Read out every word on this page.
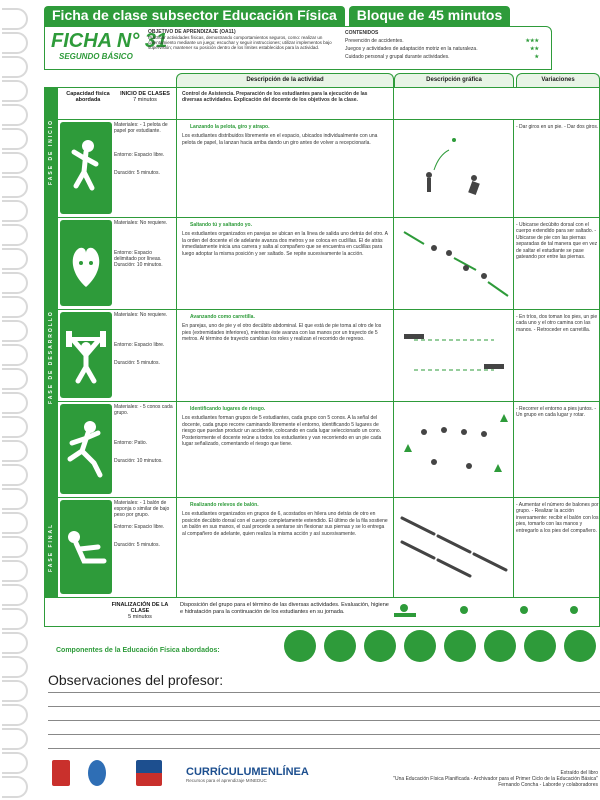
Ficha de clase subsector Educación Física	Bloque de 45 minutos
FICHA N° 31
SEGUNDO BÁSICO
OBJETIVO DE APRENDIZAJE (OA11)
Practicar actividades físicas, demostrando comportamientos seguros, como: realizar un calentamiento mediante un juego; escuchar y seguir instrucciones; utilizar implementos bajo supervisión; mantener su posición dentro de los límites establecidos para la actividad.
CONTENIDOS
Prevención de accidentes.	★★★
Juegos y actividades de adaptación motriz en la naturaleza.	★★
Cuidado personal y grupal durante actividades.	★
Descripción de la actividad	Descripción gráfica	Variaciones
FASE DE INICIO
FASE DE DESARROLLO
FASE FINAL
Capacidad física abordada
INICIO DE CLASES
7 minutos
Control de Asistencia. Preparación de los estudiantes para la ejecución de las diversas actividades. Explicación del docente de los objetivos de la clase.
Materiales: - 1 pelota de papel por estudiante.

Entorno: Espacio libre.

Duración: 5 minutos.
Lanzando la pelota, giro y atrapo.
Los estudiantes distribuidos libremente en el espacio, ubicados individualmente con una pelota de papel, la lanzan hacia arriba dando un giro antes de volver a recepcionarla.
- Dar giros en un pie. - Dar dos giros.
Materiales: No requiere.

Entorno: Espacio delimitado por líneas.
Duración: 10 minutos.
Saltando tú y saltando yo.
Los estudiantes organizados en parejas se ubican en la línea de salida uno detrás del otro. A la orden del docente el de adelante avanza dos metros y se coloca en cuclillas. El de atrás inmediatamente inicia una carrera y salta al compañero que se encuentra en cuclillas para luego adoptar la misma posición y ser saltado. Se repite sucesivamente la acción.
- Ubicarse decúbito dorsal con el cuerpo extendido para ser saltado. - Ubicarse de pie con las piernas separadas de tal manera que en vez de saltar el estudiante se pase gateando por entre las piernas.
Materiales: No requiere.

Entorno: Espacio libre.

Duración: 5 minutos.
Avanzando como carretilla.
En parejas, uno de pie y el otro decúbito abdominal. El que está de pie toma al otro de los pies (extremidades inferiores), mientras éste avanza con las manos por un trayecto de 5 metros. Al término de trayecto cambian los roles y realizan el recorrido de regreso.
- En tríos, dos toman los pies, un pie cada uno y el otro camina con las manos. - Retroceder en carretilla.
Materiales: - 5 conos cada grupo.

Entorno: Patio.

Duración: 10 minutos.
Identificando lugares de riesgo.
Los estudiantes forman grupos de 5 estudiantes, cada grupo con 5 conos. A la señal del docente, cada grupo recorre caminando libremente el entorno, identificando 5 lugares de riesgo que puedan producir un accidente, colocando en cada lugar seleccionado un cono. Posteriormente el docente reúne a todos los estudiantes y van recorriendo en un pie cada lugar señalizado, comentando el riesgo que tiene.
- Recorrer el entorno a pies juntos. - Un grupo en cada lugar y rotar.
Materiales: - 1 balón de esponja o similar de bajo peso por grupo.

Entorno: Espacio libre.

Duración: 5 minutos.
Realizando relevos de balón.
Los estudiantes organizados en grupos de 6, acostados en hilera uno detrás de otro en posición decúbito dorsal con el cuerpo completamente extendido. El último de la fila sostiene un balón en sus manos, el cual procede a sentarse sin flexionar sus piernas y se lo entrega al compañero de adelante, quien realiza la misma acción y así sucesivamente.
- Aumentar el número de balones por grupo. - Realizar la acción inversamente: recibir el balón con los pies, tomarlo con las manos y entregarlo a los pies del compañero.
FINALIZACIÓN DE LA CLASE
5 minutos
Disposición del grupo para el término de las diversas actividades. Evaluación, higiene e hidratación para la continuación de los estudiantes en su jornada.
Componentes de la Educación Física abordados:
Observaciones del profesor:
CURRÍCULUMENLÍNEA
Recursos para el aprendizaje MINEDUC
Extraído del libro
"Una Educación Física Planificada - Archivador para el Primer Ciclo de la Educación Básica"
Fernando Concha - Laborde y colaboradores
